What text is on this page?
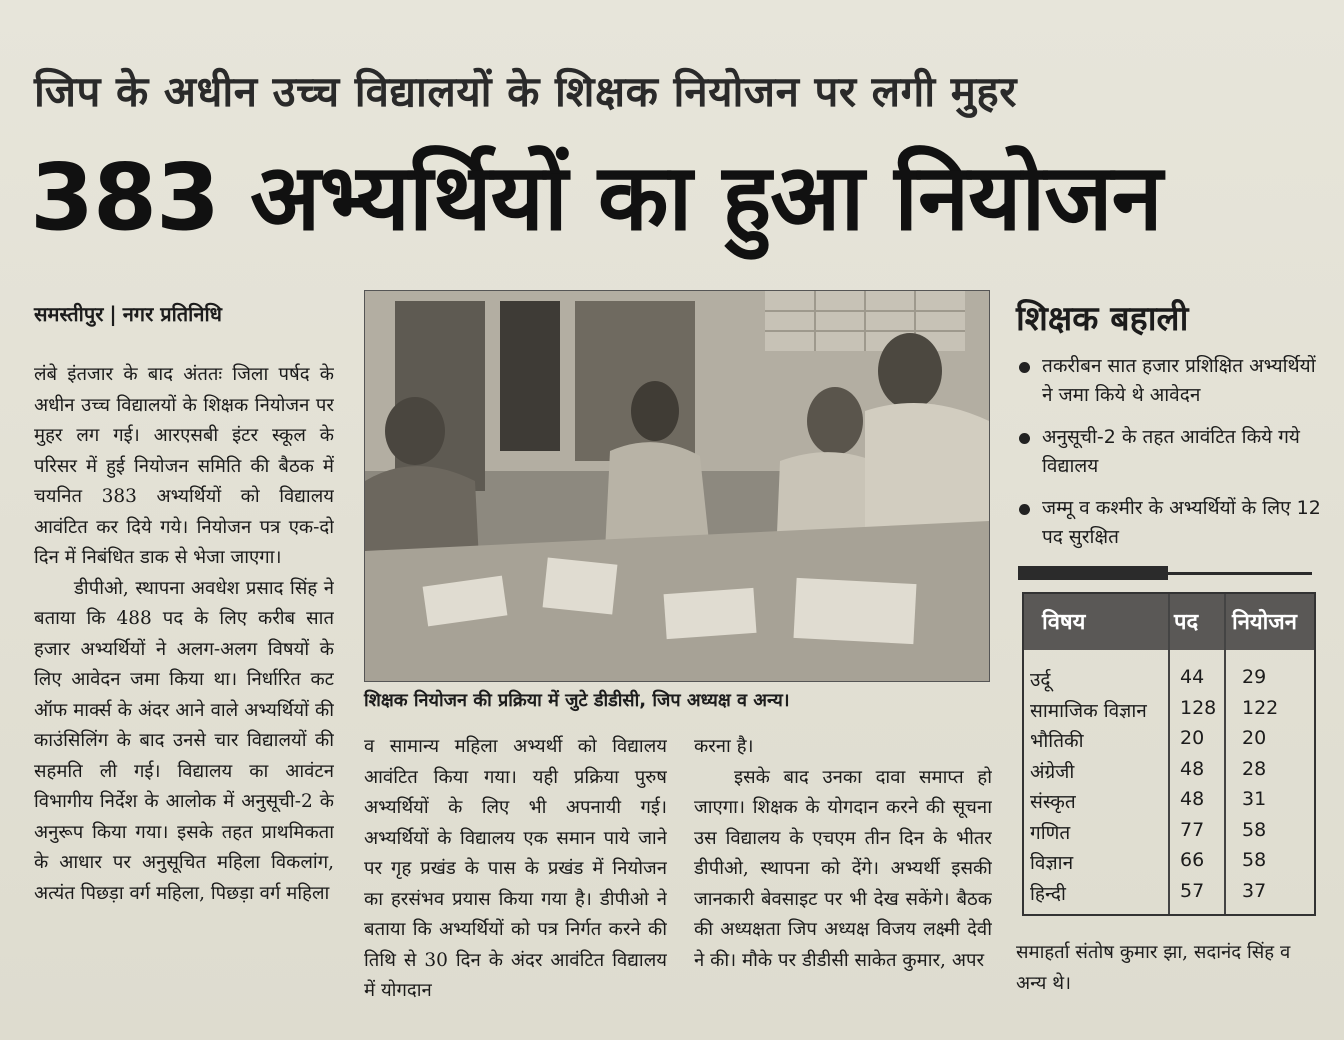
जिप के अधीन उच्च विद्यालयों के शिक्षक नियोजन पर लगी मुहर
383 अभ्यर्थियों का हुआ नियोजन
समस्तीपुर | नगर प्रतिनिधि

लंबे इंतजार के बाद अंततः जिला पर्षद के अधीन उच्च विद्यालयों के शिक्षक नियोजन पर मुहर लग गई। आरएसबी इंटर स्कूल के परिसर में हुई नियोजन समिति की बैठक में चयनित 383 अभ्यर्थियों को विद्यालय आवंटित कर दिये गये। नियोजन पत्र एक-दो दिन में निबंधित डाक से भेजा जाएगा।

डीपीओ, स्थापना अवधेश प्रसाद सिंह ने बताया कि 488 पद के लिए करीब सात हजार अभ्यर्थियों ने अलग-अलग विषयों के लिए आवेदन जमा किया था। निर्धारित कट ऑफ मार्क्स के अंदर आने वाले अभ्यर्थियों की काउंसिलिंग के बाद उनसे चार विद्यालयों की सहमति ली गई। विद्यालय का आवंटन विभागीय निर्देश के आलोक में अनुसूची-2 के अनुरूप किया गया। इसके तहत प्राथमिकता के आधार पर अनुसूचित महिला विकलांग, अत्यंत पिछड़ा वर्ग महिला, पिछड़ा वर्ग महिला

शिक्षक नियोजन की प्रक्रिया में जुटे डीडीसी, जिप अध्यक्ष व अन्य।

व सामान्य महिला अभ्यर्थी को विद्यालय आवंटित किया गया। यही प्रक्रिया पुरुष अभ्यर्थियों के लिए भी अपनायी गई। अभ्यर्थियों के विद्यालय एक समान पाये जाने पर गृह प्रखंड के पास के प्रखंड में नियोजन का हरसंभव प्रयास किया गया है। डीपीओ ने बताया कि अभ्यर्थियों को पत्र निर्गत करने की तिथि से 30 दिन के अंदर आवंटित विद्यालय में योगदान

करना है।

इसके बाद उनका दावा समाप्त हो जाएगा। शिक्षक के योगदान करने की सूचना उस विद्यालय के एचएम तीन दिन के भीतर डीपीओ, स्थापना को देंगे। अभ्यर्थी इसकी जानकारी बेवसाइट पर भी देख सकेंगे। बैठक की अध्यक्षता जिप अध्यक्ष विजय लक्ष्मी देवी ने की। मौके पर डीडीसी साकेत कुमार, अपर

शिक्षक बहाली
तकरीबन सात हजार प्रशिक्षित अभ्यर्थियों ने जमा किये थे आवेदन
अनुसूची-2 के तहत आवंटित किये गये विद्यालय
जम्मू व कश्मीर के अभ्यर्थियों के लिए 12 पद सुरक्षित
विषय	पद नियोजन
उर्दू	44 29
सामाजिक विज्ञान 128 122
भौतिकी	20 20
अंग्रेजी	48 28
संस्कृत	48 31
गणित	77 58
विज्ञान	66 58
हिन्दी	57 37
समाहर्ता संतोष कुमार झा, सदानंद सिंह व अन्य थे।
